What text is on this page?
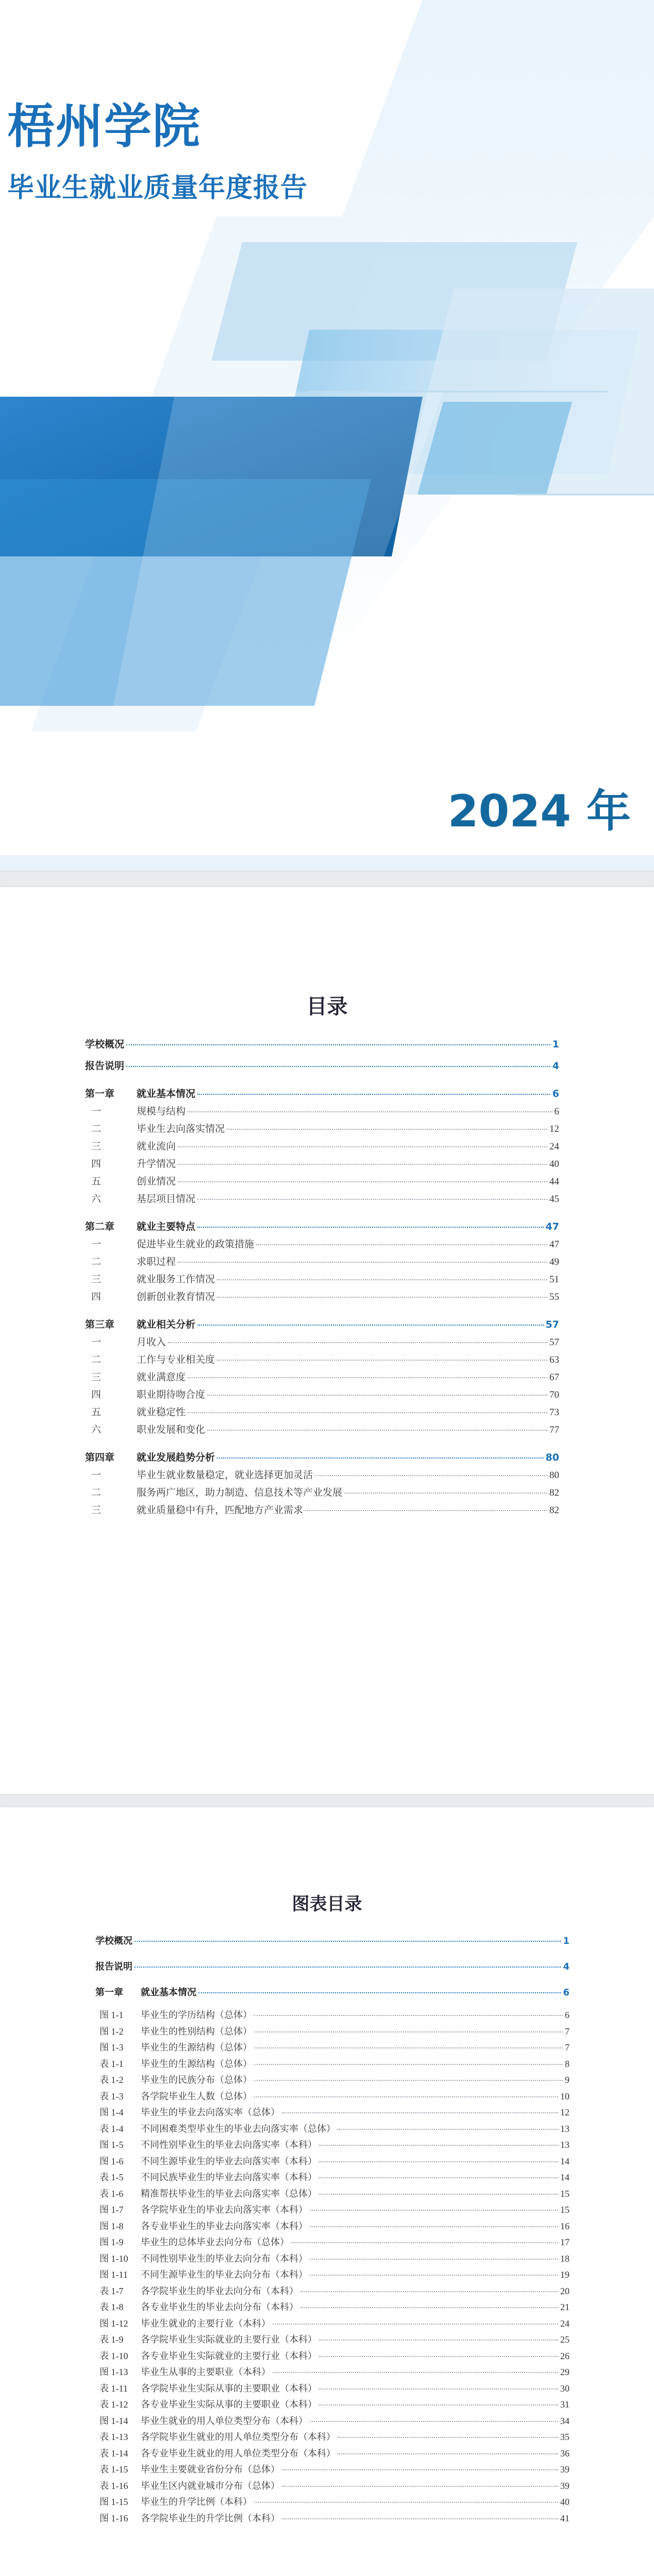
梧州学院
毕业生就业质量年度报告
2024 年
目录
学校概况	1
报告说明	4
第一章	就业基本情况	6
一	规模与结构	6
二	毕业生去向落实情况	12
三	就业流向	24
四	升学情况	40
五	创业情况	44
六	基层项目情况	45
第二章	就业主要特点	47
一	促进毕业生就业的政策措施	47
二	求职过程	49
三	就业服务工作情况	51
四	创新创业教育情况	55
第三章	就业相关分析	57
一	月收入	57
二	工作与专业相关度	63
三	就业满意度	67
四	职业期待吻合度	70
五	就业稳定性	73
六	职业发展和变化	77
第四章	就业发展趋势分析	80
一	毕业生就业数量稳定，就业选择更加灵活	80
二	服务两广地区，助力制造、信息技术等产业发展	82
三	就业质量稳中有升，匹配地方产业需求	82
图表目录
学校概况	1
报告说明	4
第一章	就业基本情况	6
图 1-1	毕业生的学历结构（总体）	6
图 1-2	毕业生的性别结构（总体）	7
图 1-3	毕业生的生源结构（总体）	7
表 1-1	毕业生的生源结构（总体）	8
表 1-2	毕业生的民族分布（总体）	9
表 1-3	各学院毕业生人数（总体）	10
图 1-4	毕业生的毕业去向落实率（总体）	12
表 1-4	不同困难类型毕业生的毕业去向落实率（总体）	13
图 1-5	不同性别毕业生的毕业去向落实率（本科）	13
图 1-6	不同生源毕业生的毕业去向落实率（本科）	14
表 1-5	不同民族毕业生的毕业去向落实率（本科）	14
表 1-6	精准帮扶毕业生的毕业去向落实率（总体）	15
图 1-7	各学院毕业生的毕业去向落实率（本科）	15
图 1-8	各专业毕业生的毕业去向落实率（本科）	16
图 1-9	毕业生的总体毕业去向分布（总体）	17
图 1-10	不同性别毕业生的毕业去向分布（本科）	18
图 1-11	不同生源毕业生的毕业去向分布（本科）	19
表 1-7	各学院毕业生的毕业去向分布（本科）	20
表 1-8	各专业毕业生的毕业去向分布（本科）	21
图 1-12	毕业生就业的主要行业（本科）	24
表 1-9	各学院毕业生实际就业的主要行业（本科）	25
表 1-10	各专业毕业生实际就业的主要行业（本科）	26
图 1-13	毕业生从事的主要职业（本科）	29
表 1-11	各学院毕业生实际从事的主要职业（本科）	30
表 1-12	各专业毕业生实际从事的主要职业（本科）	31
图 1-14	毕业生就业的用人单位类型分布（本科）	34
表 1-13	各学院毕业生就业的用人单位类型分布（本科）	35
表 1-14	各专业毕业生就业的用人单位类型分布（本科）	36
表 1-15	毕业生主要就业省份分布（总体）	39
表 1-16	毕业生区内就业城市分布（总体）	39
图 1-15	毕业生的升学比例（本科）	40
图 1-16	各学院毕业生的升学比例（本科）	41
